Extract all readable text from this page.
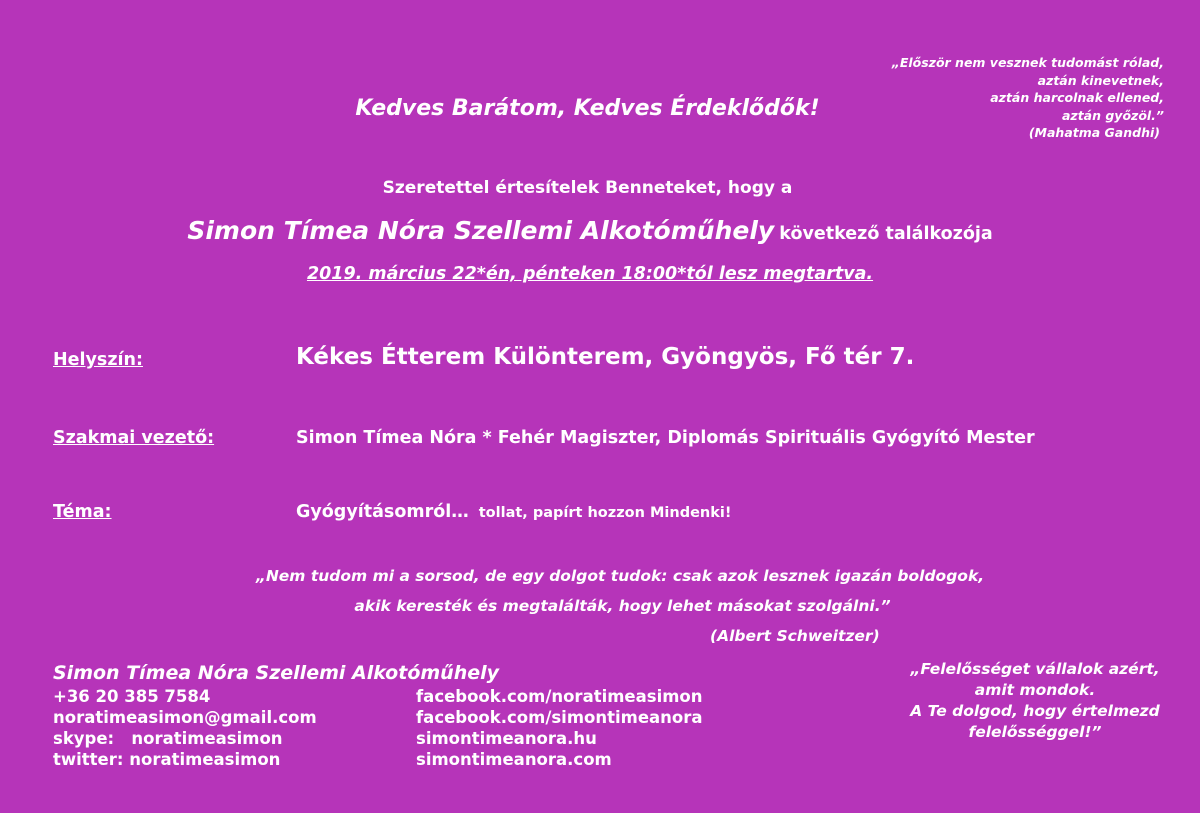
„Először nem vesznek tudomást rólad,
aztán kinevetnek,
aztán harcolnak ellened,
aztán győzöl.”
(Mahatma Gandhi)
Kedves Barátom, Kedves Érdeklődők!
Szeretettel értesítelek Benneteket, hogy a
Simon Tímea Nóra Szellemi Alkotóműhely következő találkozója
2019. március 22*én, pénteken 18:00*tól lesz megtartva.
Helyszín:	Kékes Étterem Különterem, Gyöngyös, Fő tér 7.
Szakmai vezető:	Simon Tímea Nóra * Fehér Magiszter, Diplomás Spirituális Gyógyító Mester
Téma:	Gyógyításomról… tollat, papírt hozzon Mindenki!
„Nem tudom mi a sorsod, de egy dolgot tudok: csak azok lesznek igazán boldogok,
akik keresték és megtalálták, hogy lehet másokat szolgálni.”
(Albert Schweitzer)
Simon Tímea Nóra Szellemi Alkotóműhely
+36 20 385 7584
noratimeasimon@gmail.com
skype:   noratimeasimon
twitter: noratimeasimon
facebook.com/noratimeasimon
facebook.com/simontimeanora
simontimeanora.hu
simontimeanora.com
„Felelősséget vállalok azért,
amit mondok.
A Te dolgod, hogy értelmezd
felelősséggel!”
